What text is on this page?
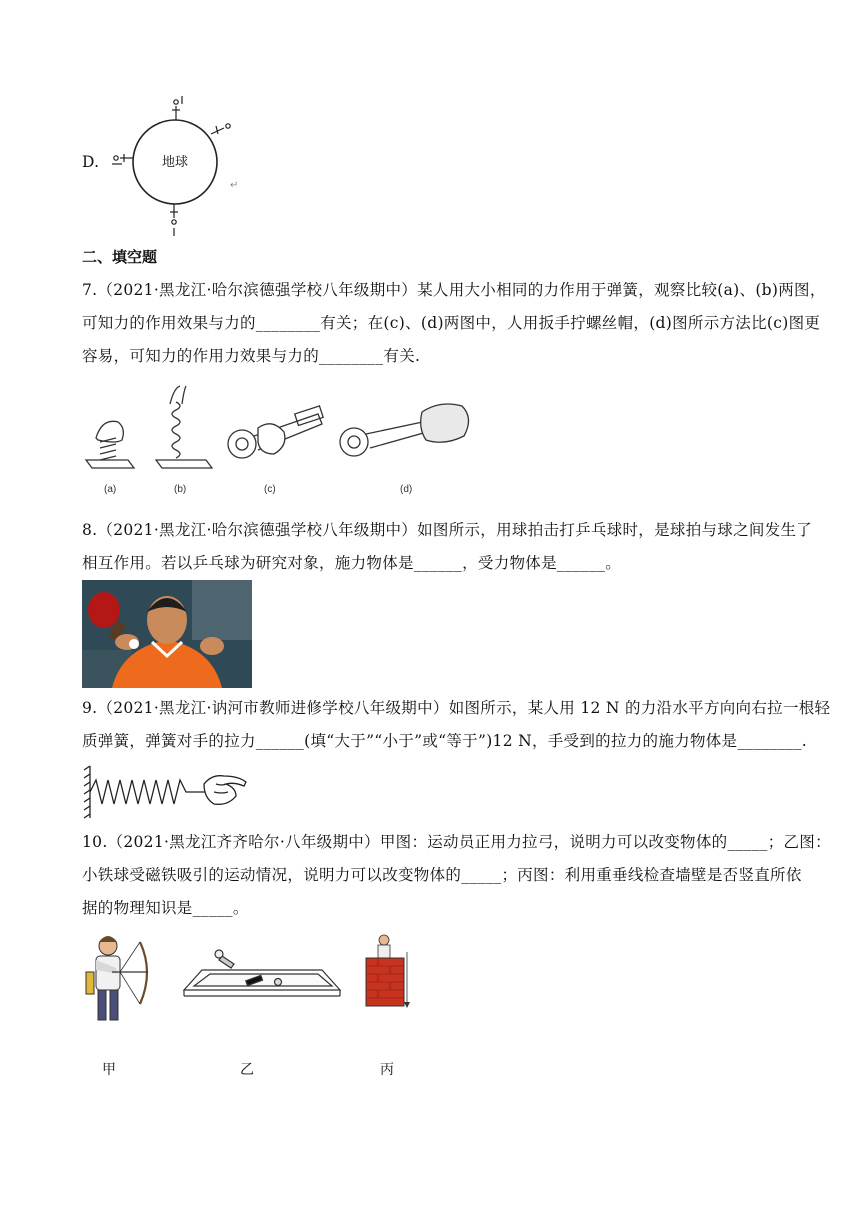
D.	地球
↵
二、填空题
7.（2021·黑龙江·哈尔滨德强学校八年级期中）某人用大小相同的力作用于弹簧，观察比较(a)、(b)两图，
可知力的作用效果与力的________有关；在(c)、(d)两图中，人用扳手拧螺丝帽，(d)图所示方法比(c)图更
容易，可知力的作用力效果与力的________有关.
(a)	(b)	(c)	(d)
8.（2021·黑龙江·哈尔滨德强学校八年级期中）如图所示，用球拍击打乒乓球时，是球拍与球之间发生了
相互作用。若以乒乓球为研究对象，施力物体是______，受力物体是______。
9.（2021·黑龙江·讷河市教师进修学校八年级期中）如图所示，某人用 12 N 的力沿水平方向向右拉一根轻
质弹簧，弹簧对手的拉力______(填“大于”“小于”或“等于”)12 N，手受到的拉力的施力物体是________.
10.（2021·黑龙江齐齐哈尔·八年级期中）甲图：运动员正用力拉弓，说明力可以改变物体的_____；乙图：
小铁球受磁铁吸引的运动情况，说明力可以改变物体的_____；丙图：利用重垂线检查墙壁是否竖直所依
据的物理知识是_____。
甲	乙	丙
